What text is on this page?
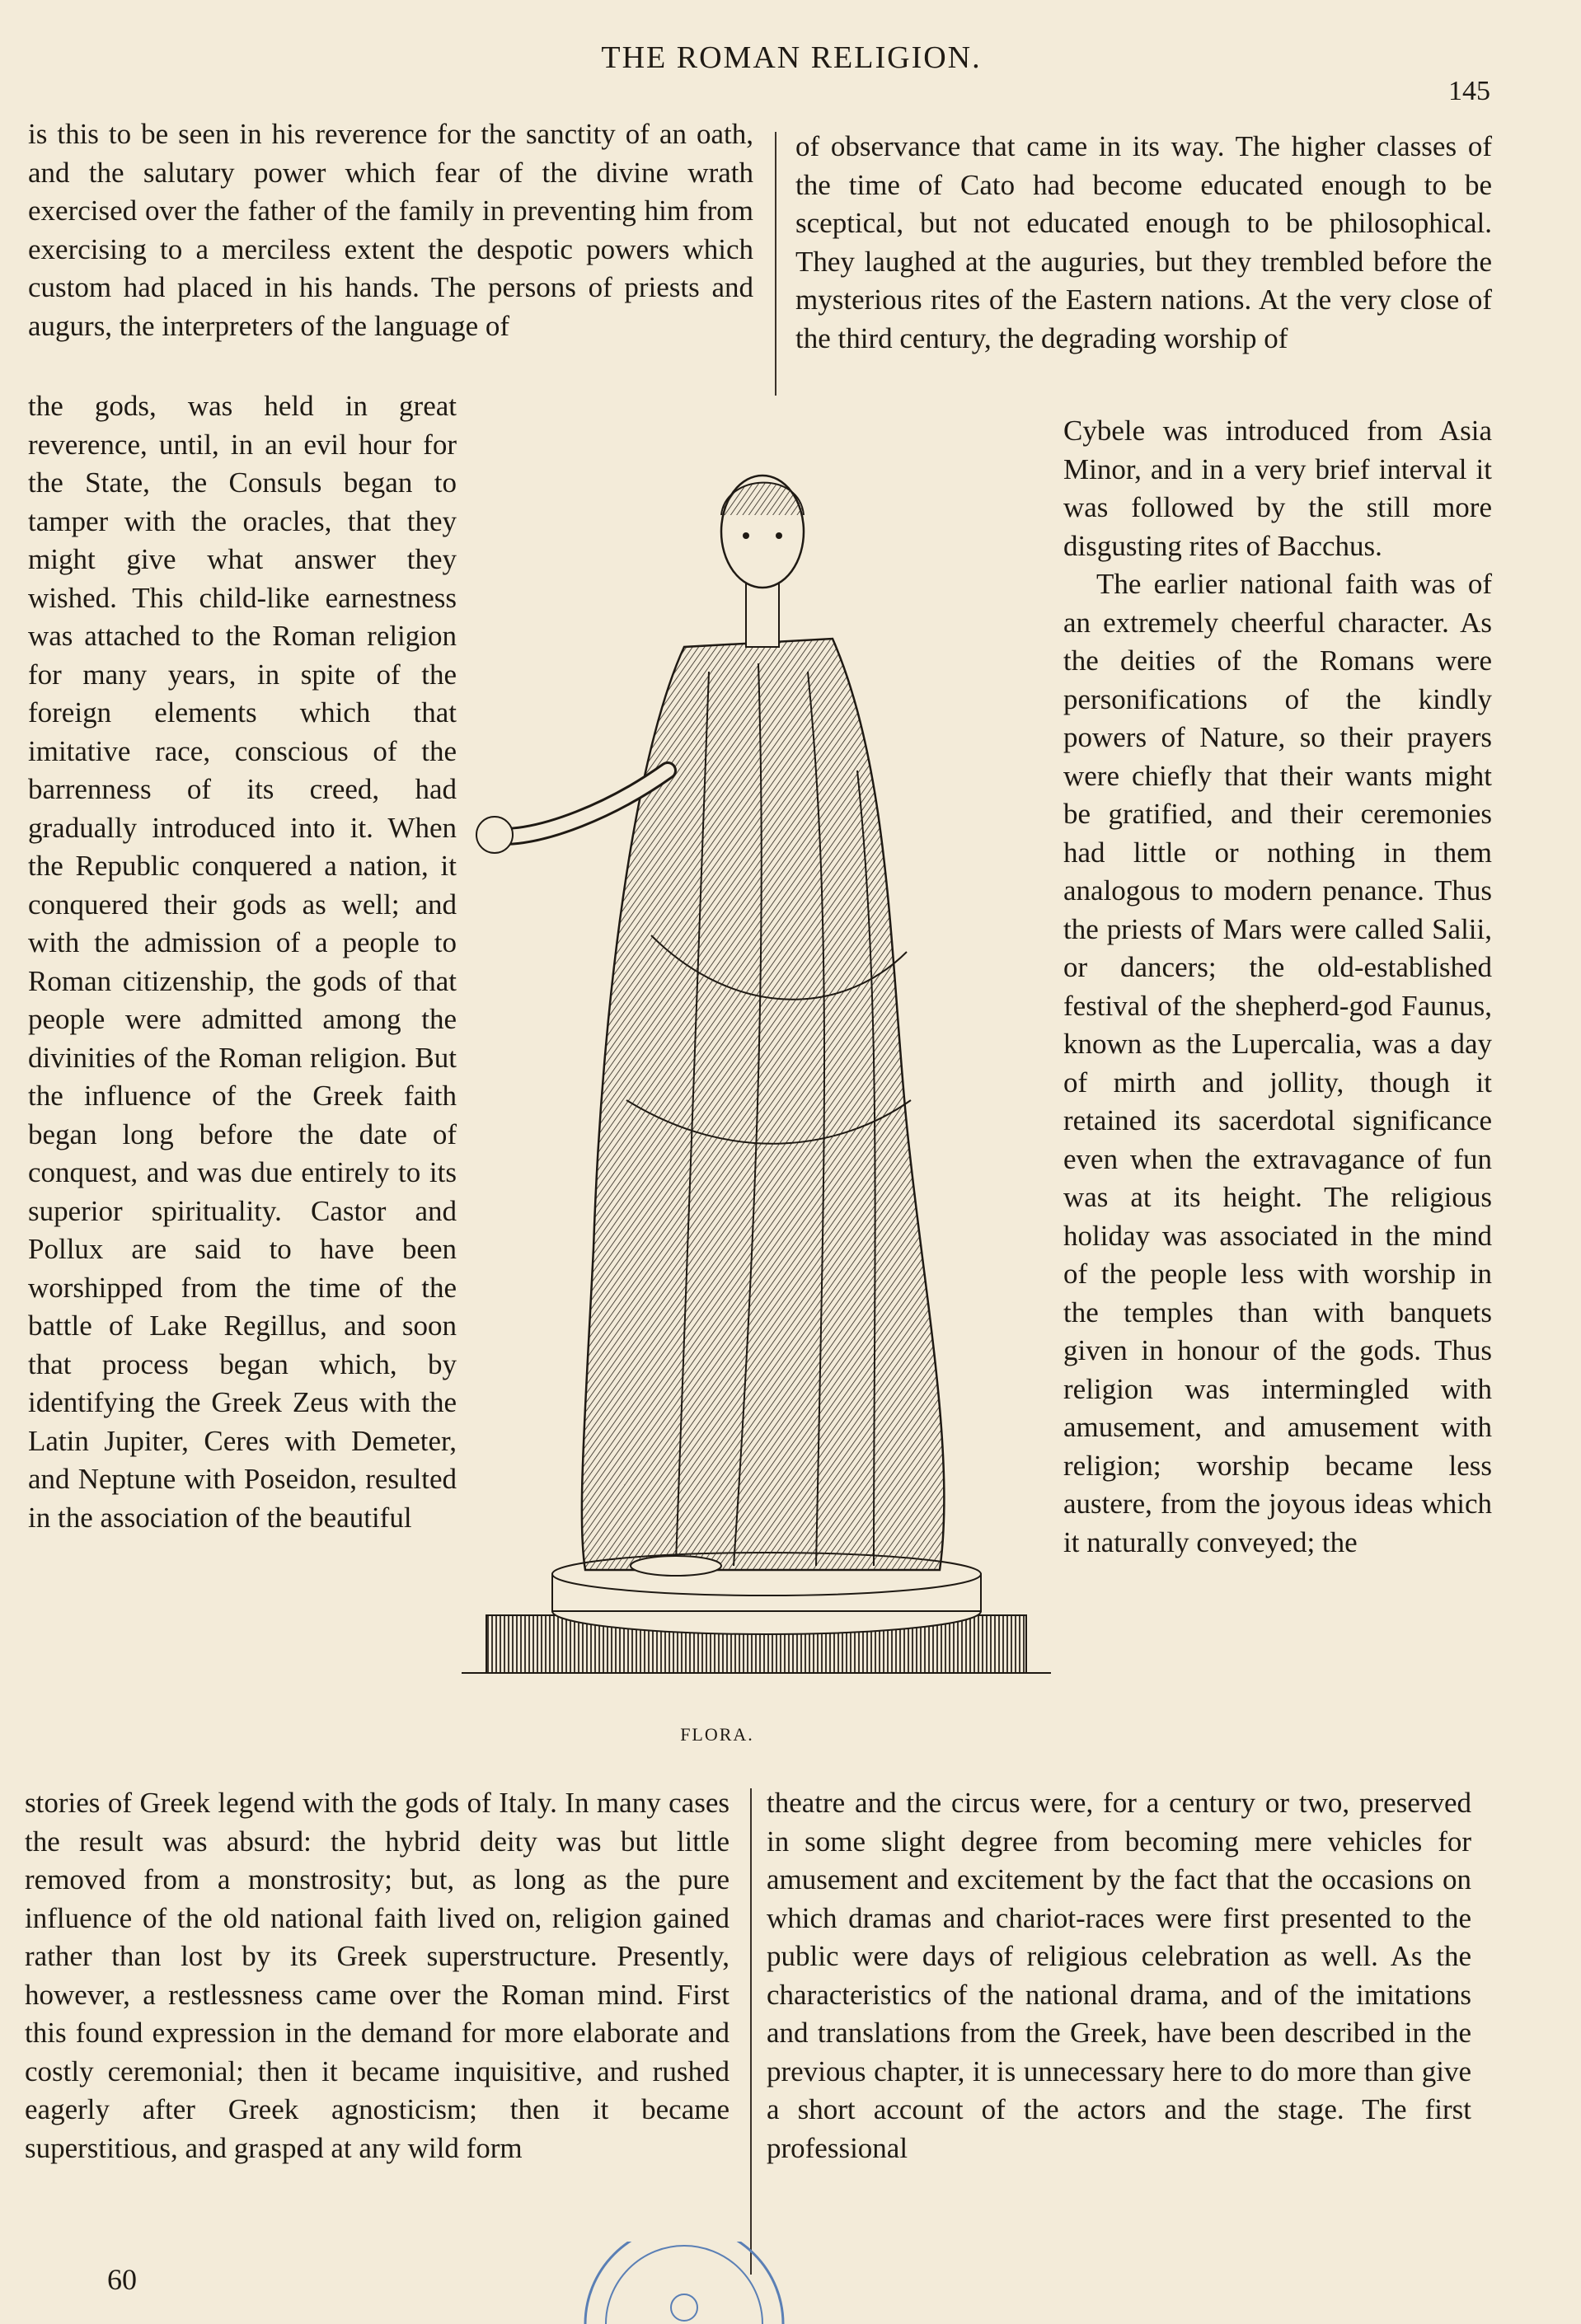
THE ROMAN RELIGION.
145

is this to be seen in his reverence for the sanctity of an oath, and the salutary power which fear of the divine wrath exercised over the father of the family in preventing him from exercising to a merciless extent the despotic powers which custom had placed in his hands. The persons of priests and augurs, the interpreters of the language of

of observance that came in its way. The higher classes of the time of Cato had become educated enough to be sceptical, but not educated enough to be philosophical. They laughed at the auguries, but they trembled before the mysterious rites of the Eastern nations. At the very close of the third century, the degrading worship of

the gods, was held in great reverence, until, in an evil hour for the State, the Consuls began to tamper with the oracles, that they might give what answer they wished. This child-like earnestness was attached to the Roman religion for many years, in spite of the foreign elements which that imitative race, conscious of the barrenness of its creed, had gradually introduced into it. When the Republic conquered a nation, it conquered their gods as well; and with the admission of a people to Roman citizenship, the gods of that people were admitted among the divinities of the Roman religion. But the influence of the Greek faith began long before the date of conquest, and was due entirely to its superior spirituality. Castor and Pollux are said to have been worshipped from the time of the battle of Lake Regillus, and soon that process began which, by identifying the Greek Zeus with the Latin Jupiter, Ceres with Demeter, and Neptune with Poseidon, resulted in the association of the beautiful

Cybele was introduced from Asia Minor, and in a very brief interval it was followed by the still more disgusting rites of Bacchus.

The earlier national faith was of an extremely cheerful character. As the deities of the Romans were personifications of the kindly powers of Nature, so their prayers were chiefly that their wants might be gratified, and their ceremonies had little or nothing in them analogous to modern penance. Thus the priests of Mars were called Salii, or dancers; the old-established festival of the shepherd-god Faunus, known as the Lupercalia, was a day of mirth and jollity, though it retained its sacerdotal significance even when the extravagance of fun was at its height. The religious holiday was associated in the mind of the people less with worship in the temples than with banquets given in honour of the gods. Thus religion was intermingled with amusement, and amusement with religion; worship became less austere, from the joyous ideas which it naturally conveyed; the

FLORA.

stories of Greek legend with the gods of Italy. In many cases the result was absurd: the hybrid deity was but little removed from a monstrosity; but, as long as the pure influence of the old national faith lived on, religion gained rather than lost by its Greek superstructure. Presently, however, a restlessness came over the Roman mind. First this found expression in the demand for more elaborate and costly ceremonial; then it became inquisitive, and rushed eagerly after Greek agnosticism; then it became superstitious, and grasped at any wild form

theatre and the circus were, for a century or two, preserved in some slight degree from becoming mere vehicles for amusement and excitement by the fact that the occasions on which dramas and chariot-races were first presented to the public were days of religious celebration as well. As the characteristics of the national drama, and of the imitations and translations from the Greek, have been described in the previous chapter, it is unnecessary here to do more than give a short account of the actors and the stage. The first professional

60
